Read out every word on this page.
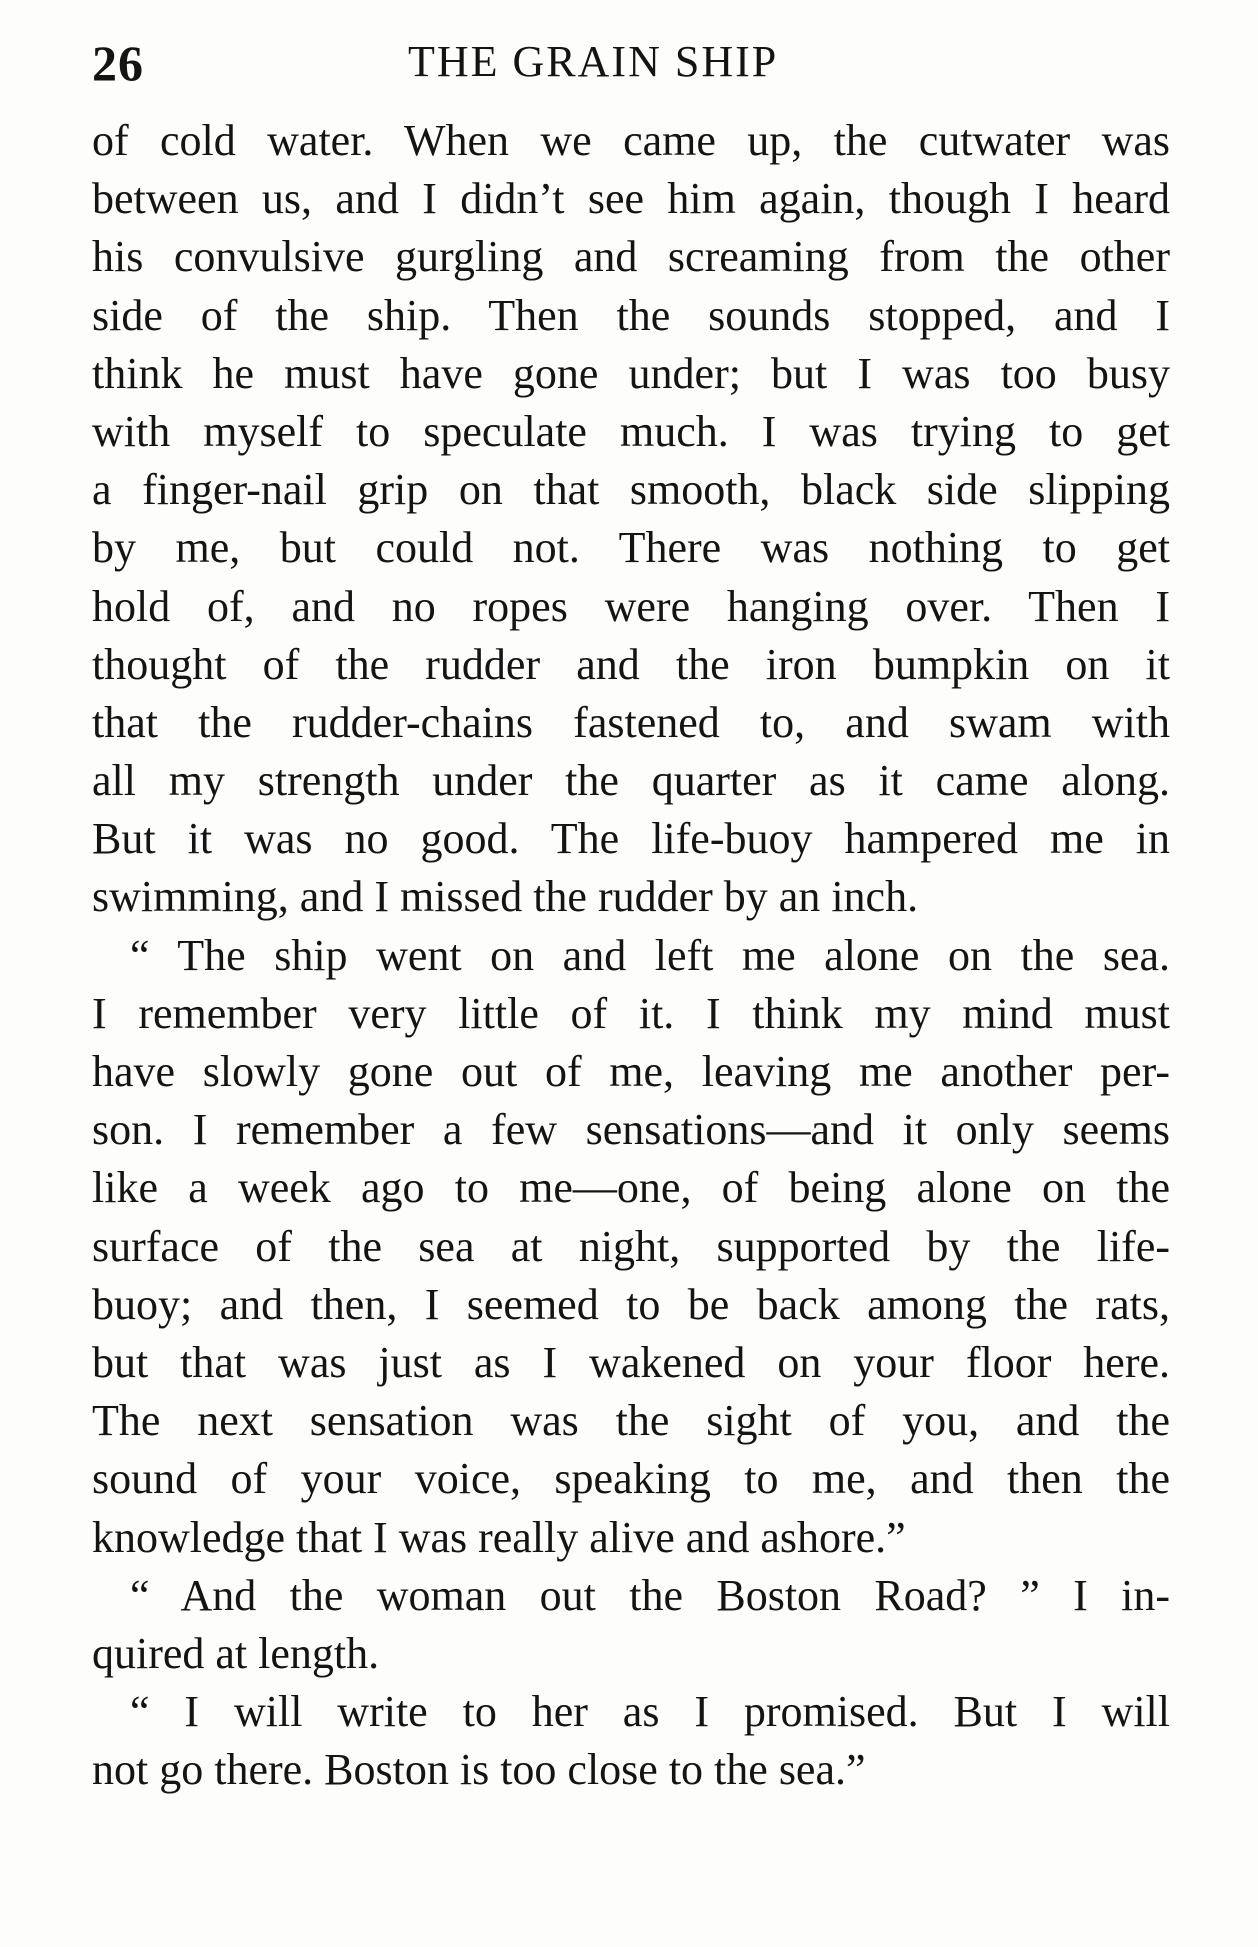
26	THE GRAIN SHIP
of cold water. When we came up, the cutwater was
between us, and I didn’t see him again, though I heard
his convulsive gurgling and screaming from the other
side of the ship. Then the sounds stopped, and I
think he must have gone under; but I was too busy
with myself to speculate much. I was trying to get
a finger-nail grip on that smooth, black side slipping
by me, but could not. There was nothing to get
hold of, and no ropes were hanging over. Then I
thought of the rudder and the iron bumpkin on it
that the rudder-chains fastened to, and swam with
all my strength under the quarter as it came along.
But it was no good. The life-buoy hampered me in
swimming, and I missed the rudder by an inch.
“ The ship went on and left me alone on the sea.
I remember very little of it. I think my mind must
have slowly gone out of me, leaving me another per-
son. I remember a few sensations—and it only seems
like a week ago to me—one, of being alone on the
surface of the sea at night, supported by the life-
buoy; and then, I seemed to be back among the rats,
but that was just as I wakened on your floor here.
The next sensation was the sight of you, and the
sound of your voice, speaking to me, and then the
knowledge that I was really alive and ashore.”
“ And the woman out the Boston Road? ” I in-
quired at length.
“ I will write to her as I promised. But I will
not go there. Boston is too close to the sea.”
